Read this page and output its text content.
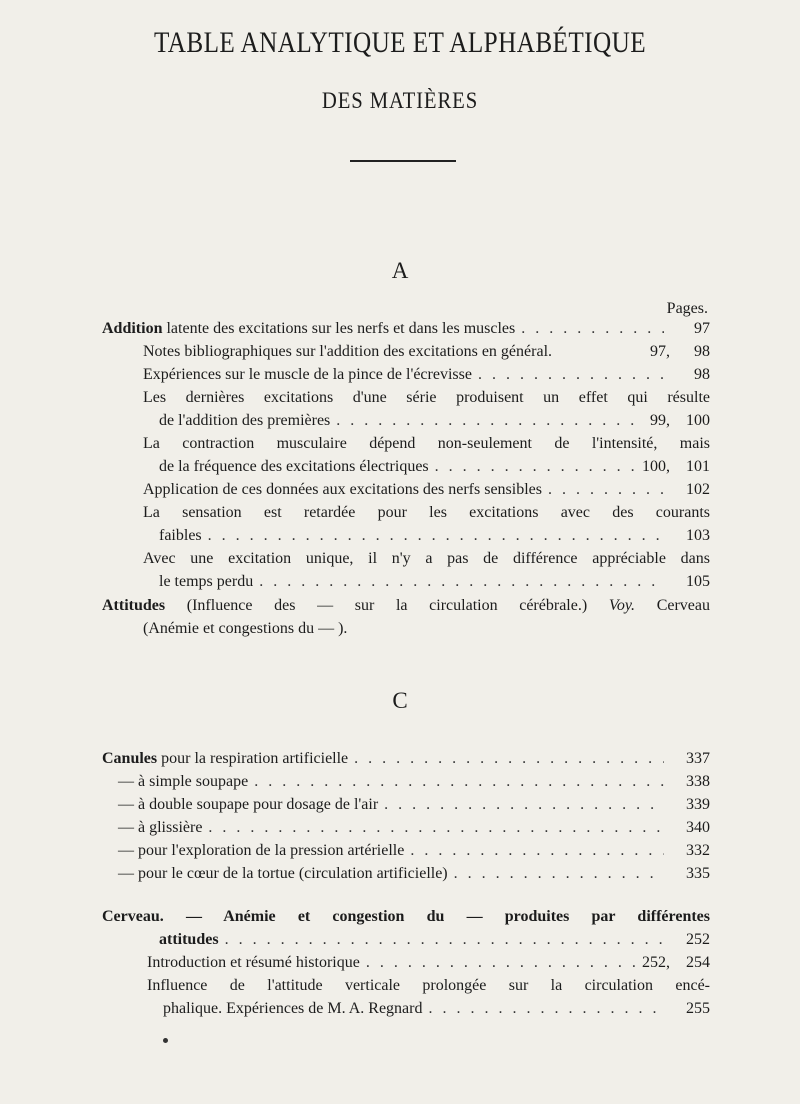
TABLE ANALYTIQUE ET ALPHABÉTIQUE
DES MATIÈRES
A
Pages.
Addition latente des excitations sur les nerfs et dans les muscles . . .	97
Notes bibliographiques sur l'addition des excitations en général.	97,	98
Expériences sur le muscle de la pince de l'écrevisse . . .	98
Les dernières excitations d'une série produisent un effet qui résulte
de l'addition des premières . . .	99,	100
La contraction musculaire dépend non-seulement de l'intensité, mais
de la fréquence des excitations électriques . . .	100,	101
Application de ces données aux excitations des nerfs sensibles . . .	102
La sensation est retardée pour les excitations avec des courants
faibles . . .	103
Avec une excitation unique, il n'y a pas de différence appréciable dans
le temps perdu . . .	105
Attitudes (Influence des — sur la circulation cérébrale.) Voy. Cerveau
(Anémie et congestions du — ).
C
Canules pour la respiration artificielle . . .	337
— à simple soupape . . .	338
— à double soupape pour dosage de l'air . . .	339
— à glissière . . .	340
— pour l'exploration de la pression artérielle . . .	332
— pour le cœur de la tortue (circulation artificielle) . . .	335
Cerveau. — Anémie et congestion du — produites par différentes
attitudes . . .	252
Introduction et résumé historique . . .	252,	254
Influence de l'attitude verticale prolongée sur la circulation encé-
phalique. Expériences de M. A. Regnard . . .	255
